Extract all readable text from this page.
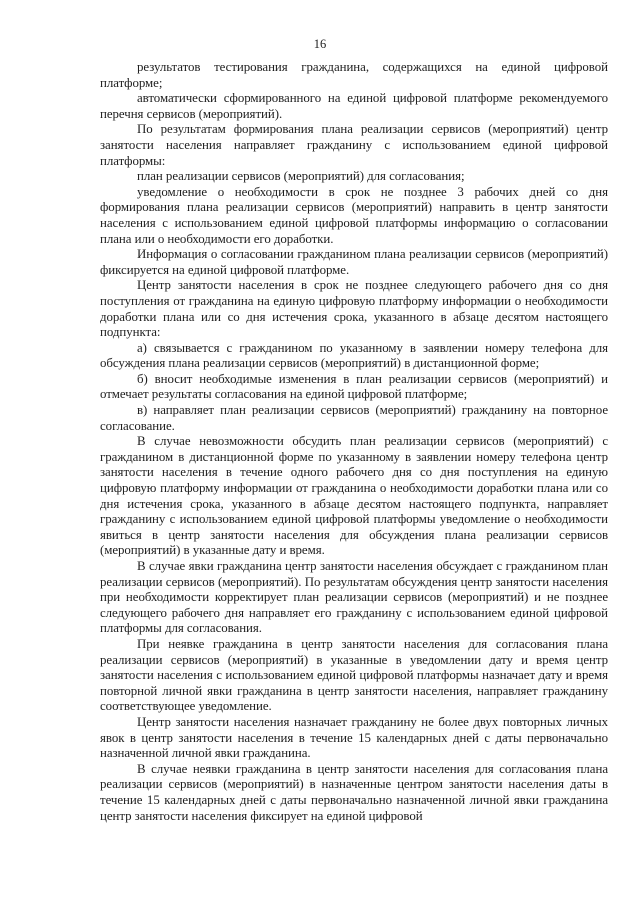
16

результатов тестирования гражданина, содержащихся на единой цифровой платформе;

автоматически сформированного на единой цифровой платформе рекомендуемого перечня сервисов (мероприятий).

По результатам формирования плана реализации сервисов (мероприятий) центр занятости населения направляет гражданину с использованием единой цифровой платформы:

план реализации сервисов (мероприятий) для согласования;

уведомление о необходимости в срок не позднее 3 рабочих дней со дня формирования плана реализации сервисов (мероприятий) направить в центр занятости населения с использованием единой цифровой платформы информацию о согласовании плана или о необходимости его доработки.

Информация о согласовании гражданином плана реализации сервисов (мероприятий) фиксируется на единой цифровой платформе.

Центр занятости населения в срок не позднее следующего рабочего дня со дня поступления от гражданина на единую цифровую платформу информации о необходимости доработки плана или со дня истечения срока, указанного в абзаце десятом настоящего подпункта:

а) связывается с гражданином по указанному в заявлении номеру телефона для обсуждения плана реализации сервисов (мероприятий) в дистанционной форме;

б) вносит необходимые изменения в план реализации сервисов (мероприятий) и отмечает результаты согласования на единой цифровой платформе;

в) направляет план реализации сервисов (мероприятий) гражданину на повторное согласование.

В случае невозможности обсудить план реализации сервисов (мероприятий) с гражданином в дистанционной форме по указанному в заявлении номеру телефона центр занятости населения в течение одного рабочего дня со дня поступления на единую цифровую платформу информации от гражданина о необходимости доработки плана или со дня истечения срока, указанного в абзаце десятом настоящего подпункта, направляет гражданину с использованием единой цифровой платформы уведомление о необходимости явиться в центр занятости населения для обсуждения плана реализации сервисов (мероприятий) в указанные дату и время.

В случае явки гражданина центр занятости населения обсуждает с гражданином план реализации сервисов (мероприятий). По результатам обсуждения центр занятости населения при необходимости корректирует план реализации сервисов (мероприятий) и не позднее следующего рабочего дня направляет его гражданину с использованием единой цифровой платформы для согласования.

При неявке гражданина в центр занятости населения для согласования плана реализации сервисов (мероприятий) в указанные в уведомлении дату и время центр занятости населения с использованием единой цифровой платформы назначает дату и время повторной личной явки гражданина в центр занятости населения, направляет гражданину соответствующее уведомление.

Центр занятости населения назначает гражданину не более двух повторных личных явок в центр занятости населения в течение 15 календарных дней с даты первоначально назначенной личной явки гражданина.

В случае неявки гражданина в центр занятости населения для согласования плана реализации сервисов (мероприятий) в назначенные центром занятости населения даты в течение 15 календарных дней с даты первоначально назначенной личной явки гражданина центр занятости населения фиксирует на единой цифровой
